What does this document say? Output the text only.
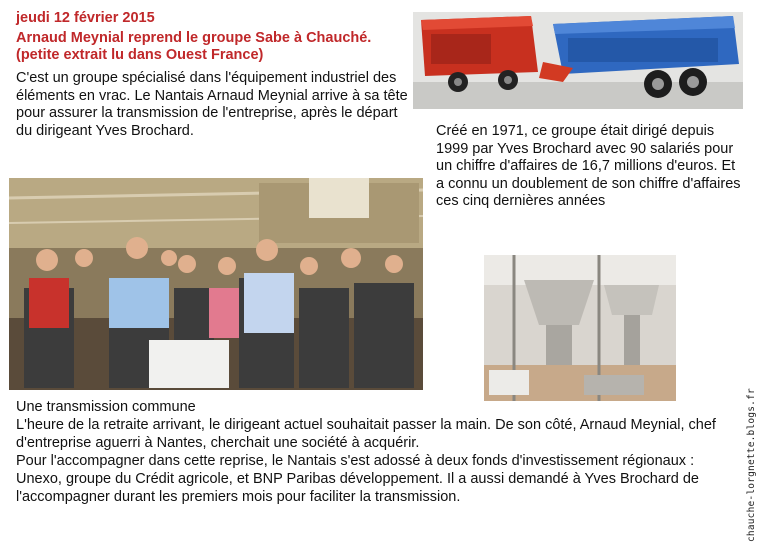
jeudi 12 février 2015
Arnaud Meynial reprend le groupe Sabe à Chauché. (petite extrait lu dans Ouest France)
C'est un groupe spécialisé dans l'équipement industriel des éléments en vrac. Le Nantais Arnaud Meynial arrive à sa tête pour assurer la transmission de l'entreprise, après le départ du dirigeant Yves Brochard.	Créé en 1971, ce groupe était dirigé depuis 1999 par Yves Brochard avec 90 salariés pour un chiffre d'affaires de 16,7 millions d'euros. Et a connu un doublement de son chiffre d'affaires ces cinq dernières années
Une transmission commune
L'heure de la retraite arrivant, le dirigeant actuel souhaitait passer la main. De son côté, Arnaud Meynial, chef d'entreprise aguerri à Nantes, cherchait une société à acquérir.
Pour l'accompagner dans cette reprise, le Nantais s'est adossé à deux fonds d'investissement régionaux : Unexo, groupe du Crédit agricole, et BNP Paribas développement. Il a aussi demandé à Yves Brochard de l'accompagner durant les premiers mois pour faciliter la transmission.	chauche-lorgnette.blogs.fr
